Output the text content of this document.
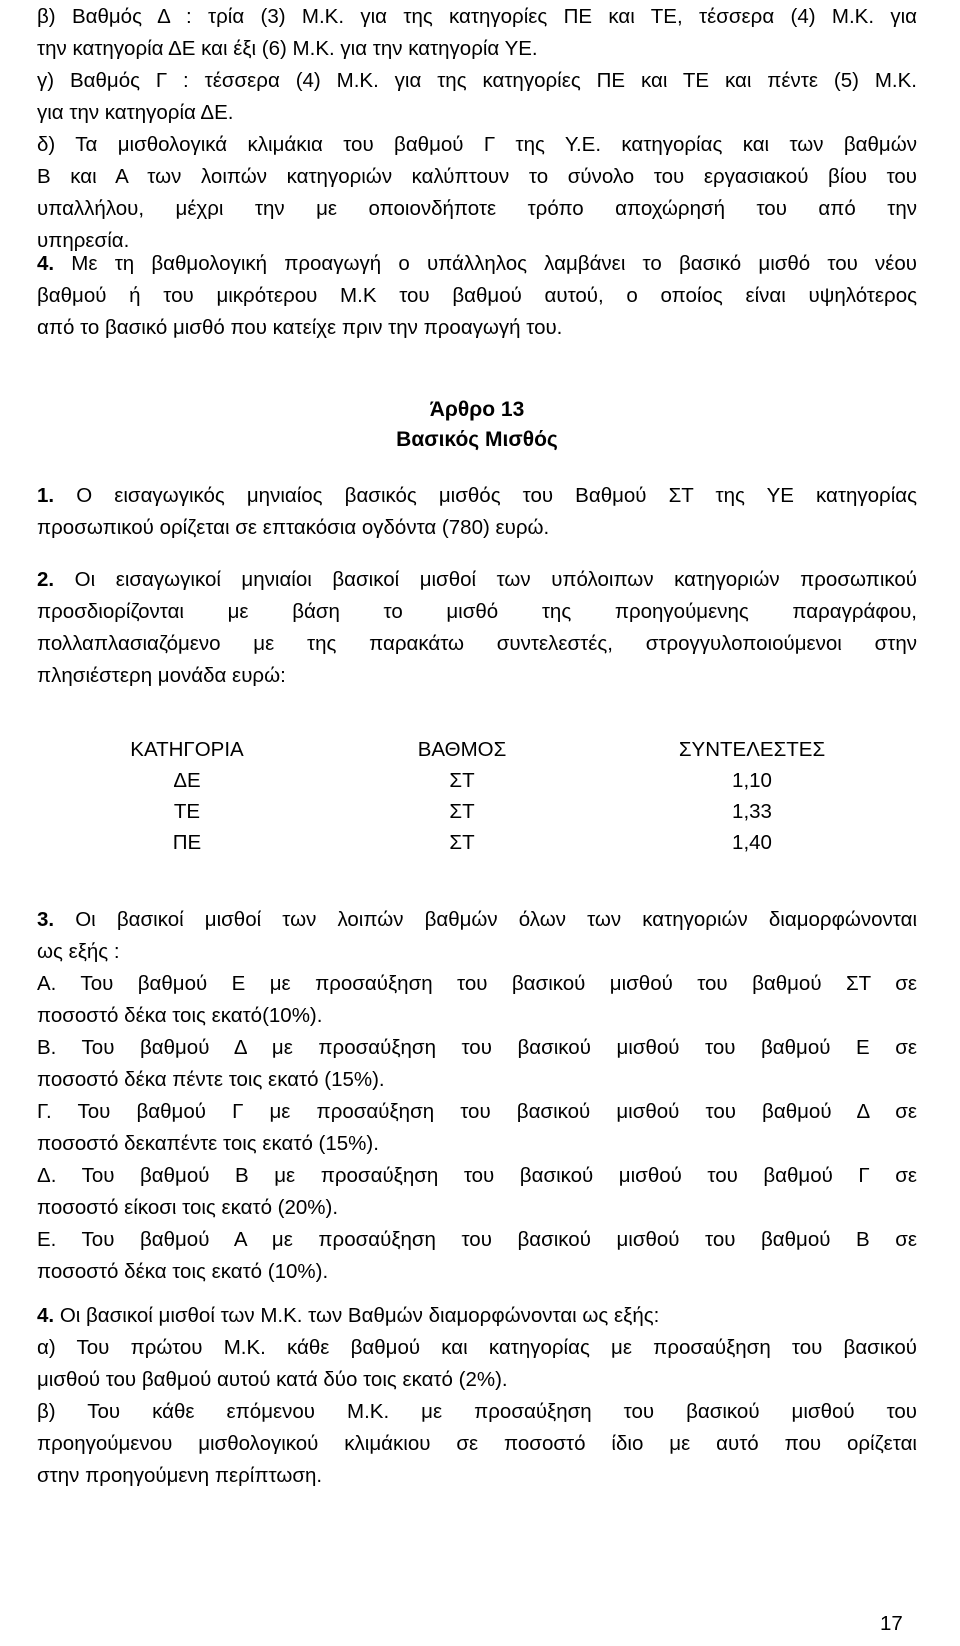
β) Βαθμός Δ : τρία (3) Μ.Κ. για της κατηγορίες ΠΕ και ΤΕ, τέσσερα (4) Μ.Κ. για
την κατηγορία ΔΕ και έξι (6) Μ.Κ. για την κατηγορία ΥΕ.
γ) Βαθμός Γ : τέσσερα (4) Μ.Κ. για της κατηγορίες ΠΕ και ΤΕ και πέντε (5) Μ.Κ.
για την κατηγορία ΔΕ.
δ) Τα μισθολογικά κλιμάκια του βαθμού Γ της Υ.Ε. κατηγορίας και των βαθμών
Β και Α των λοιπών κατηγοριών καλύπτουν το σύνολο του εργασιακού βίου του
υπαλλήλου, μέχρι την με οποιονδήποτε τρόπο αποχώρησή του από την
υπηρεσία.
4. Με τη βαθμολογική προαγωγή ο υπάλληλος λαμβάνει το βασικό μισθό του νέου
βαθμού ή του μικρότερου Μ.Κ του βαθμού αυτού, ο οποίος είναι υψηλότερος
από το βασικό μισθό που κατείχε πριν την προαγωγή του.
Άρθρο 13
Βασικός Μισθός
1. Ο εισαγωγικός μηνιαίος βασικός μισθός του Βαθμού ΣΤ της ΥΕ κατηγορίας
προσωπικού ορίζεται σε επτακόσια ογδόντα (780) ευρώ.
2. Οι εισαγωγικοί μηνιαίοι βασικοί μισθοί των υπόλοιπων κατηγοριών προσωπικού
προσδιορίζονται με βάση το μισθό της προηγούμενης παραγράφου,
πολλαπλασιαζόμενο με της παρακάτω συντελεστές, στρογγυλοποιούμενοι στην
πλησιέστερη μονάδα ευρώ:
ΚΑΤΗΓΟΡΙΑ	ΒΑΘΜΟΣ	ΣΥΝΤΕΛΕΣΤΕΣ
ΔΕ	ΣΤ	1,10
ΤΕ	ΣΤ	1,33
ΠΕ	ΣΤ	1,40
3. Οι βασικοί μισθοί των λοιπών βαθμών όλων των κατηγοριών διαμορφώνονται
ως εξής :
Α. Του βαθμού Ε με προσαύξηση του βασικού μισθού του βαθμού ΣΤ σε
ποσοστό δέκα τοις εκατό(10%).
Β. Του βαθμού Δ με προσαύξηση του βασικού μισθού του βαθμού Ε σε
ποσοστό δέκα πέντε τοις εκατό (15%).
Γ. Του βαθμού Γ με προσαύξηση του βασικού μισθού του βαθμού Δ σε
ποσοστό δεκαπέντε τοις εκατό (15%).
Δ. Του βαθμού Β με προσαύξηση του βασικού μισθού του βαθμού Γ σε
ποσοστό είκοσι τοις εκατό (20%).
Ε. Του βαθμού Α με προσαύξηση του βασικού μισθού του βαθμού Β σε
ποσοστό δέκα τοις εκατό (10%).
4. Οι βασικοί μισθοί των Μ.Κ. των Βαθμών διαμορφώνονται ως εξής:
α) Του πρώτου Μ.Κ. κάθε βαθμού και κατηγορίας με προσαύξηση του βασικού
μισθού του βαθμού αυτού κατά δύο τοις εκατό (2%).
β) Του κάθε επόμενου Μ.Κ. με προσαύξηση του βασικού μισθού του
προηγούμενου μισθολογικού κλιμάκιου σε ποσοστό ίδιο με αυτό που ορίζεται
στην προηγούμενη περίπτωση.
17
